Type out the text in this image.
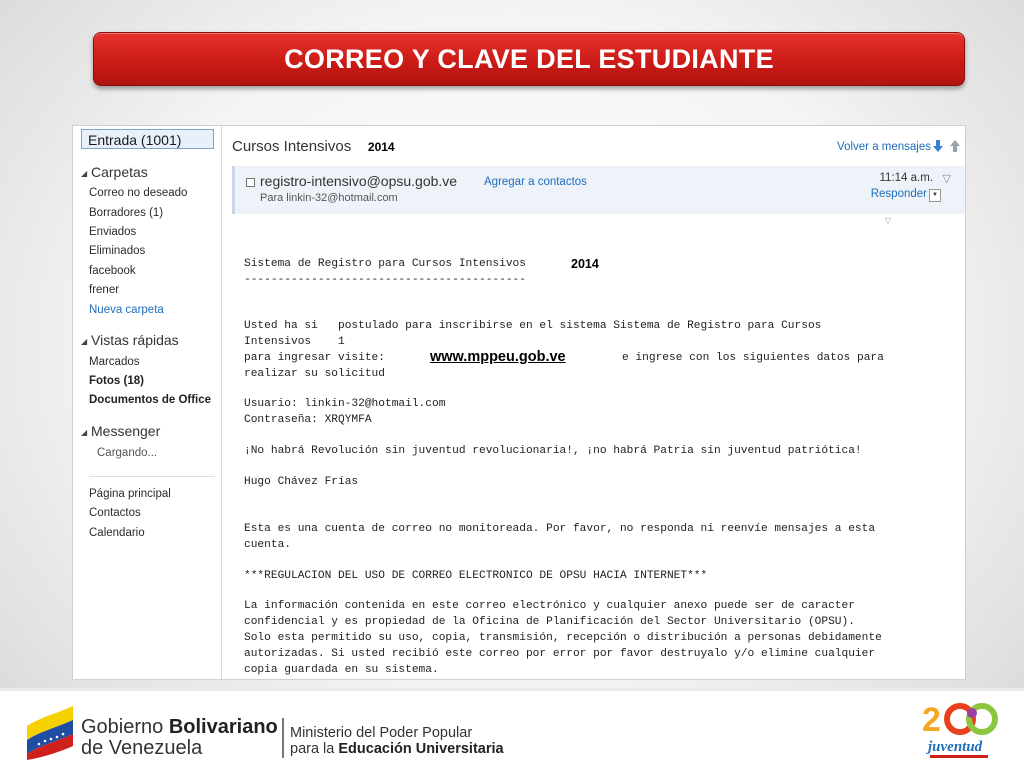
CORREO Y CLAVE DEL ESTUDIANTE
Entrada (1001)
◢ Carpetas
Correo no deseado
Borradores (1)
Enviados
Eliminados
facebook
frener
Nueva carpeta
◢ Vistas rápidas
Marcados
Fotos (18)
Documentos de Office
◢ Messenger
Cargando...
Página principal
Contactos
Calendario
Cursos Intensivos 2014	Volver a mensajes
registro-intensivo@opsu.gob.ve Agregar a contactos
Para linkin-32@hotmail.com
11:14 a.m. ▽
Responder ▼
▽

Sistema de Registro para Cursos Intensivos

------------------------------------------

Usted ha si   postulado para inscribirse en el sistema Sistema de Registro para Cursos

Intensivos    1

para ingresar visite:

	e ingrese con los siguientes datos para

realizar su solicitud

Usuario: linkin-32@hotmail.com

Contraseña: XRQYMFA

¡No habrá Revolución sin juventud revolucionaria!, ¡no habrá Patria sin juventud patriótica!

Hugo Chávez Frías

Esta es una cuenta de correo no monitoreada. Por favor, no responda ni reenvíe mensajes a esta

cuenta.

***REGULACION DEL USO DE CORREO ELECTRONICO DE OPSU HACIA INTERNET***

La información contenida en este correo electrónico y cualquier anexo puede ser de caracter

confidencial y es propiedad de la Oficina de Planificación del Sector Universitario (OPSU).

Solo esta permitido su uso, copia, transmisión, recepción o distribución a personas debidamente

autorizadas. Si usted recibió este correo por error por favor destruyalo y/o elimine cualquier

copia guardada en su sistema.

2014

www.mppeu.gob.ve

Gobierno Bolivariano
de Venezuela
Ministerio del Poder Popular
para la Educación Universitaria
2
juventud
